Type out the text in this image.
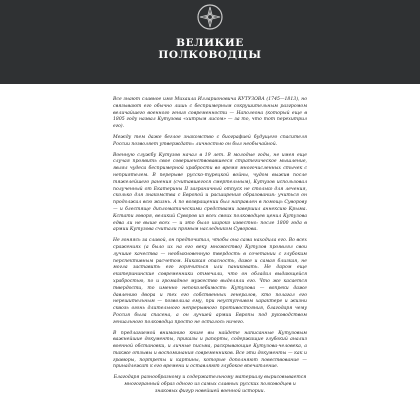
ВЕЛИКИЕ
ПОЛКОВОДЦЫ

Все знают славное имя Михаила Илларионовича КУТУЗОВА (1745—1813), но связывают его обычно лишь с беспримерным сокрушительным разгромом величайшего военного гения современности — Наполеона (который еще в 1805 году назвал Кутузова «хитрым лисом» — за то, что тот перехитрил его).

Между тем даже беглое знакомство с биографией будущего спасителя России позволяет утверждать: личностью он был необычайной.

Военную службу Кутузов начал в 19 лет. В молодые годы, не имея еще случая проявить свое совершенствовавшееся стратегическое мышление, являл чудеса беспримерной храбрости во время многочисленных стычек с неприятелем. В перерыве русско-турецкой войны, чудом выжив после тяжелейшего ранения (считавшегося смертельным), Кутузов использовал полученный от Екатерины II заграничный отпуск не столько для лечения, сколько для знакомства с Европой и расширения образования: учиться он продолжал всю жизнь. А по возвращении был направлен в помощь Суворову — и блестяще дипломатическими средствами завершил аннексию Крыма. Кстати говоря, великий Суворов из всех своих полководцев ценил Кутузова едва ли не выше всех — и это было широко известно: после 1800 года в армии Кутузова считали прямым наследником Суворова.

Не гоняясь за славой, он предпочитал, чтобы она сама находила его. Во всех сражениях (а было их на его веку множество) Кутузов проявлял свои лучшие качества — необыкновенную твердость в сочетании с глубоким перспективным расчетом. Никакая опасность, даже и самая близкая, не могла заставить его горячиться или паниковать. Не даром еще екатерининские современники отмечали, что он обладал выдающейся храбростью, по и громадное мужество выделяли его. Что же касается твердости, то именно непоколебимость Кутузова — вопреки даже давлению двора и тех его собственных генералов, кто полагал его нерешительным — позволила ему, при неуступчивом характере и жизни сквозь огонь длительного непрерывного противостояния, благодаря чему Россия была спасена, а он лучшей армии Европы под руководством гениального полководца просто не осталось ничего.

В предлагаемой вниманию книге вы найдете написанные Кутузовым важнейшие документы, приказы и рапорты, содержащие глубокий анализ военной обстановки, и личные письма, раскрывающие Кутузова-человека, а также отзывы и воспоминания современников. Все эти документы — как и гравюры, портреты и картины, которые дополняют повествование — принадлежат к его времени и оставляют глубокое впечатление.

Благодаря разнообразному и содержательному материалу вырисовывается многогранный образ одного из самых славных русских полководцев и знаковых фигур новейшей военной истории.
